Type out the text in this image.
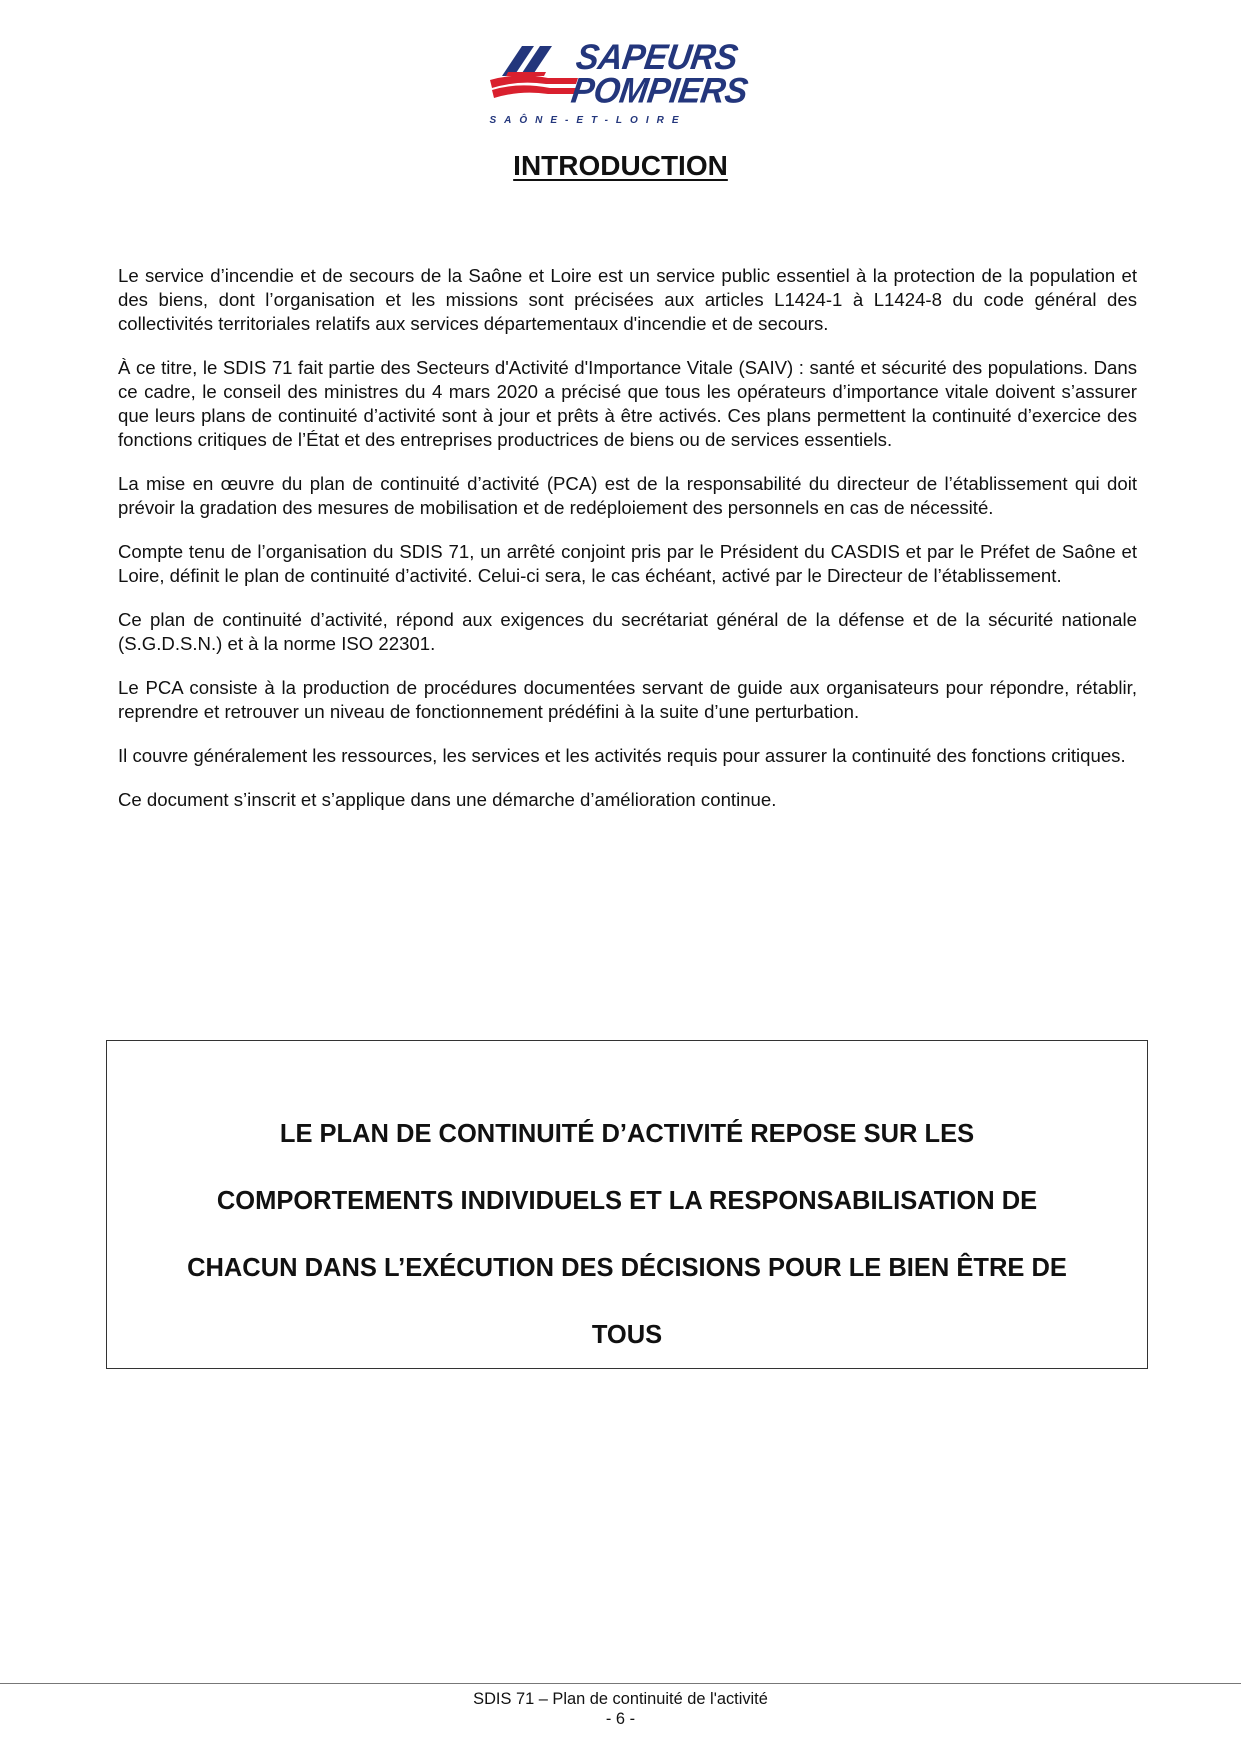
SAPEURS
POMPIERS
SAÔNE-ET-LOIRE
INTRODUCTION

Le service d’incendie et de secours de la Saône et Loire est un service public essentiel à la protection de la population et des biens, dont l’organisation et les missions sont précisées aux articles L1424-1 à L1424-8 du code général des collectivités territoriales relatifs aux services départementaux d'incendie et de secours.

À ce titre, le SDIS 71 fait partie des Secteurs d'Activité d'Importance Vitale (SAIV) : santé et sécurité des populations. Dans ce cadre, le conseil des ministres du 4 mars 2020 a précisé que tous les opérateurs d’importance vitale doivent s’assurer que leurs plans de continuité d’activité sont à jour et prêts à être activés. Ces plans permettent la continuité d’exercice des fonctions critiques de l’État et des entreprises productrices de biens ou de services essentiels.

La mise en œuvre du plan de continuité d’activité (PCA) est de la responsabilité du directeur de l’établissement qui doit prévoir la gradation des mesures de mobilisation et de redéploiement des personnels en cas de nécessité.

Compte tenu de l’organisation du SDIS 71, un arrêté conjoint pris par le Président du CASDIS et par le Préfet de Saône et Loire, définit le plan de continuité d’activité. Celui-ci sera, le cas échéant, activé par le Directeur de l’établissement.

Ce plan de continuité d’activité, répond aux exigences du secrétariat général de la défense et de la sécurité nationale (S.G.D.S.N.) et à la norme ISO 22301.

Le PCA consiste à la production de procédures documentées servant de guide aux organisateurs pour répondre, rétablir, reprendre et retrouver un niveau de fonctionnement prédéfini à la suite d’une perturbation.

Il couvre généralement les ressources, les services et les activités requis pour assurer la continuité des fonctions critiques.

Ce document s’inscrit et s’applique dans une démarche d’amélioration continue.

LE PLAN DE CONTINUITÉ D’ACTIVITÉ REPOSE SUR LES
COMPORTEMENTS INDIVIDUELS ET LA RESPONSABILISATION DE
CHACUN DANS L’EXÉCUTION DES DÉCISIONS POUR LE BIEN ÊTRE DE
TOUS
SDIS 71 – Plan de continuité de l'activité
- 6 -
